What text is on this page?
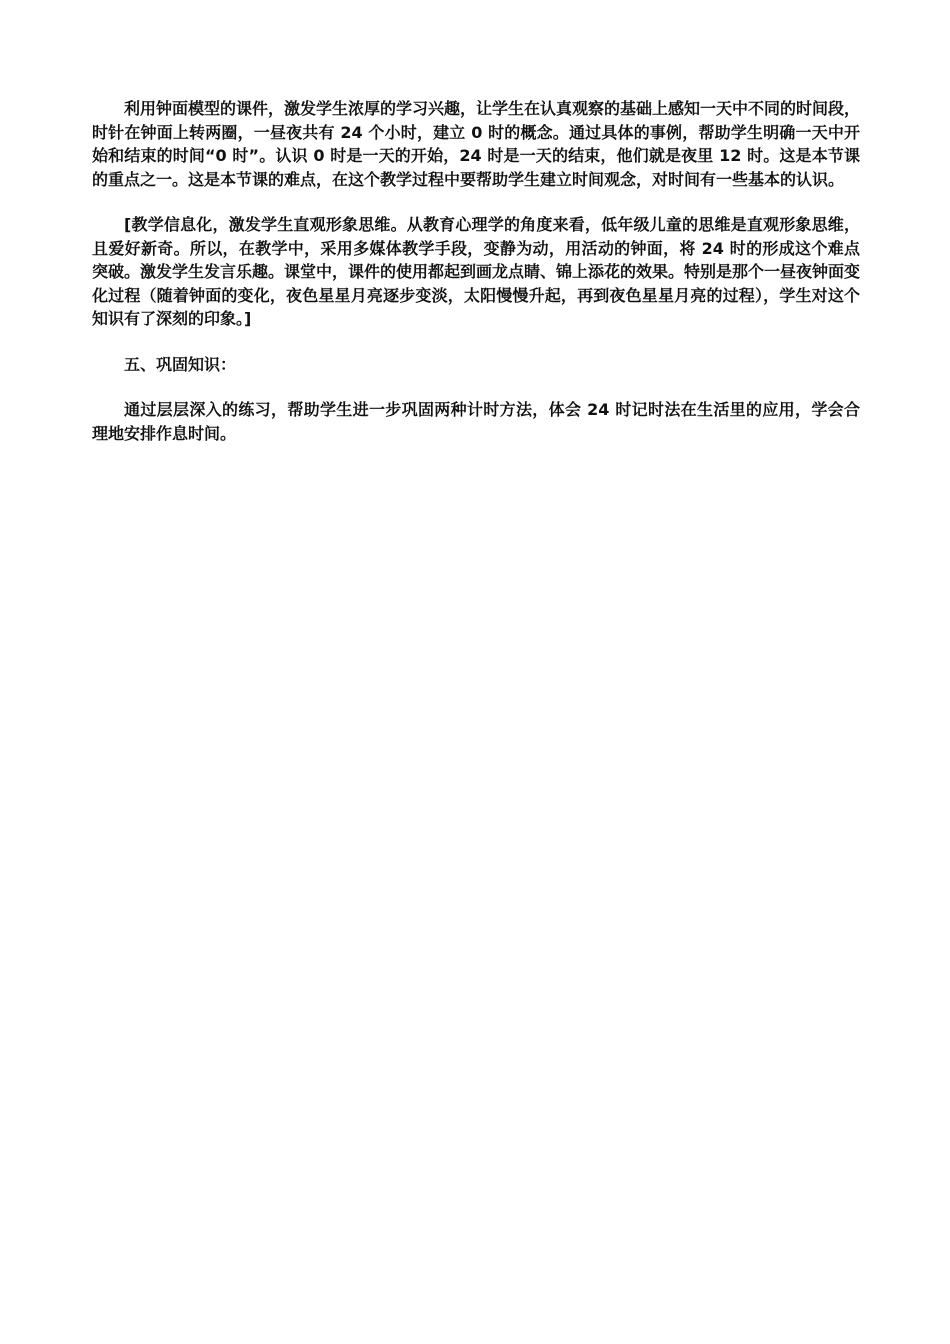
利用钟面模型的课件，激发学生浓厚的学习兴趣，让学生在认真观察的基础上感知一天中不同的时间段，时针在钟面上转两圈，一昼夜共有 24 个小时，建立 0 时的概念。通过具体的事例，帮助学生明确一天中开始和结束的时间“0 时”。认识 0 时是一天的开始，24 时是一天的结束，他们就是夜里 12 时。这是本节课的重点之一。这是本节课的难点，在这个教学过程中要帮助学生建立时间观念，对时间有一些基本的认识。

[教学信息化，激发学生直观形象思维。从教育心理学的角度来看，低年级儿童的思维是直观形象思维，且爱好新奇。所以，在教学中，采用多媒体教学手段，变静为动，用活动的钟面，将 24 时的形成这个难点突破。激发学生发言乐趣。课堂中，课件的使用都起到画龙点睛、锦上添花的效果。特别是那个一昼夜钟面变化过程（随着钟面的变化，夜色星星月亮逐步变淡，太阳慢慢升起，再到夜色星星月亮的过程），学生对这个知识有了深刻的印象。]

五、巩固知识：

通过层层深入的练习，帮助学生进一步巩固两种计时方法，体会 24 时记时法在生活里的应用，学会合理地安排作息时间。
